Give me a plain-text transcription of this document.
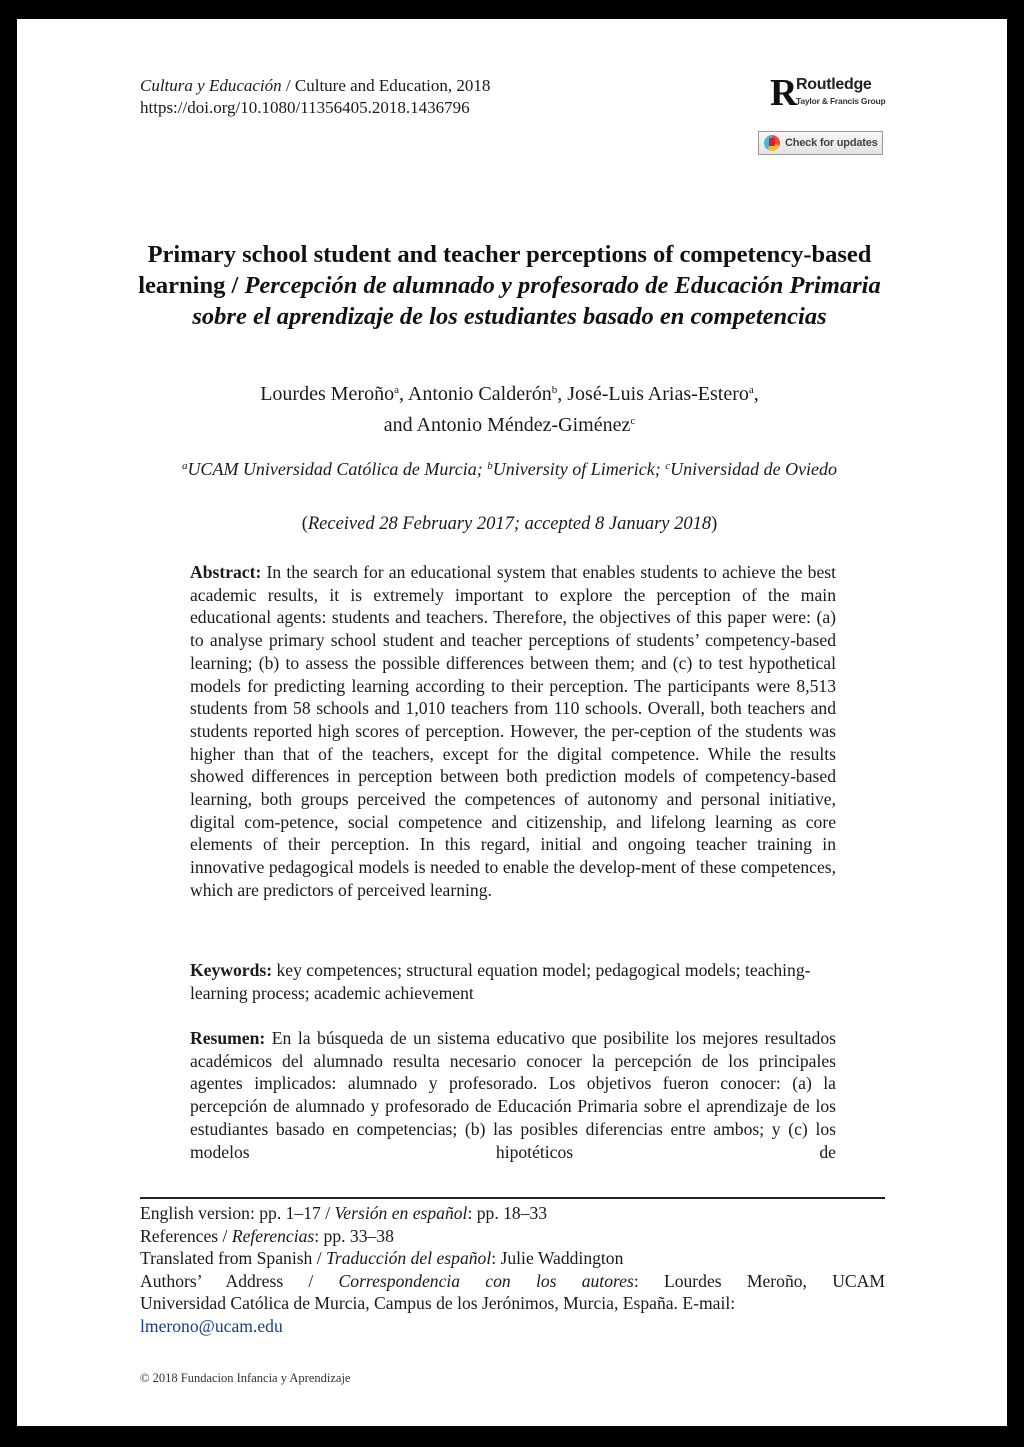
Cultura y Educación / Culture and Education, 2018
https://doi.org/10.1080/11356405.2018.1436796	R
Routledge
Taylor & Francis Group
Check for updates
Primary school student and teacher perceptions of competency-based learning / Percepción de alumnado y profesorado de Educación Primaria sobre el aprendizaje de los estudiantes basado en competencias
Lourdes Meroño$^a$, Antonio Calderón$^b$, José-Luis Arias-Estero$^a$,
and Antonio Méndez-Giménez$^c$
$^a$UCAM Universidad Católica de Murcia; $^b$University of Limerick; $^c$Universidad de Oviedo
(Received 28 February 2017; accepted 8 January 2018)
Abstract: In the search for an educational system that enables students to achieve the best academic results, it is extremely important to explore the perception of the main educational agents: students and teachers. Therefore, the objectives of this paper were: (a) to analyse primary school student and teacher perceptions of students’ competency-based learning; (b) to assess the possible differences between them; and (c) to test hypothetical models for predicting learning according to their perception. The participants were 8,513 students from 58 schools and 1,010 teachers from 110 schools. Overall, both teachers and students reported high scores of perception. However, the per-ception of the students was higher than that of the teachers, except for the digital competence. While the results showed differences in perception between both prediction models of competency-based learning, both groups perceived the competences of autonomy and personal initiative, digital com-petence, social competence and citizenship, and lifelong learning as core elements of their perception. In this regard, initial and ongoing teacher training in innovative pedagogical models is needed to enable the develop-ment of these competences, which are predictors of perceived learning.
Keywords: key competences; structural equation model; pedagogical models; teaching-learning process; academic achievement
Resumen: En la búsqueda de un sistema educativo que posibilite los mejores resultados académicos del alumnado resulta necesario conocer la percepción de los principales agentes implicados: alumnado y profesorado. Los objetivos fueron conocer: (a) la percepción de alumnado y profesorado de Educación Primaria sobre el aprendizaje de los estudiantes basado en competencias; (b) las posibles diferencias entre ambos; y (c) los modelos hipotéticos de
English version: pp. 1–17 / Versión en español: pp. 18–33
References / Referencias: pp. 33–38
Translated from Spanish / Traducción del español: Julie Waddington
Authors’ Address / Correspondencia con los autores: Lourdes Meroño, UCAM
Universidad Católica de Murcia, Campus de los Jerónimos, Murcia, España. E-mail:
lmerono@ucam.edu
© 2018 Fundacion Infancia y Aprendizaje
